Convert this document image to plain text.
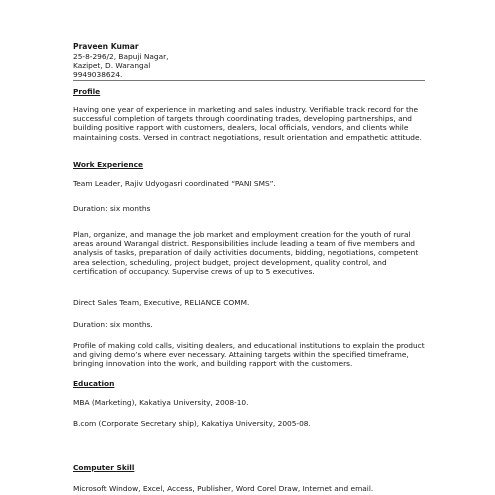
Praveen Kumar
25-8-296/2, Bapuji Nagar,
Kazipet, D. Warangal
9949038624.
Profile

Having one year of experience in marketing and sales industry. Verifiable track record for the successful completion of targets through coordinating trades, developing partnerships, and building positive rapport with customers, dealers, local officials, vendors, and clients while maintaining costs. Versed in contract negotiations, result orientation and empathetic attitude.

Work Experience

Team Leader, Rajiv Udyogasri coordinated “PANI SMS”.

Duration: six months

Plan, organize, and manage the job market and employment creation for the youth of rural areas around Warangal district. Responsibilities include leading a team of five members and analysis of tasks, preparation of daily activities documents, bidding, negotiations, competent area selection, scheduling, project budget, project development, quality control, and certification of occupancy. Supervise crews of up to 5 executives.

Direct Sales Team, Executive, RELIANCE COMM.

Duration: six months.

Profile of making cold calls, visiting dealers, and educational institutions to explain the product and giving demo’s where ever necessary. Attaining targets within the specified timeframe, bringing innovation into the work, and building rapport with the customers.

Education

MBA (Marketing), Kakatiya University, 2008-10.

B.com (Corporate Secretary ship), Kakatiya University, 2005-08.

Computer Skill

Microsoft Window, Excel, Access, Publisher, Word Corel Draw, Internet and email.
